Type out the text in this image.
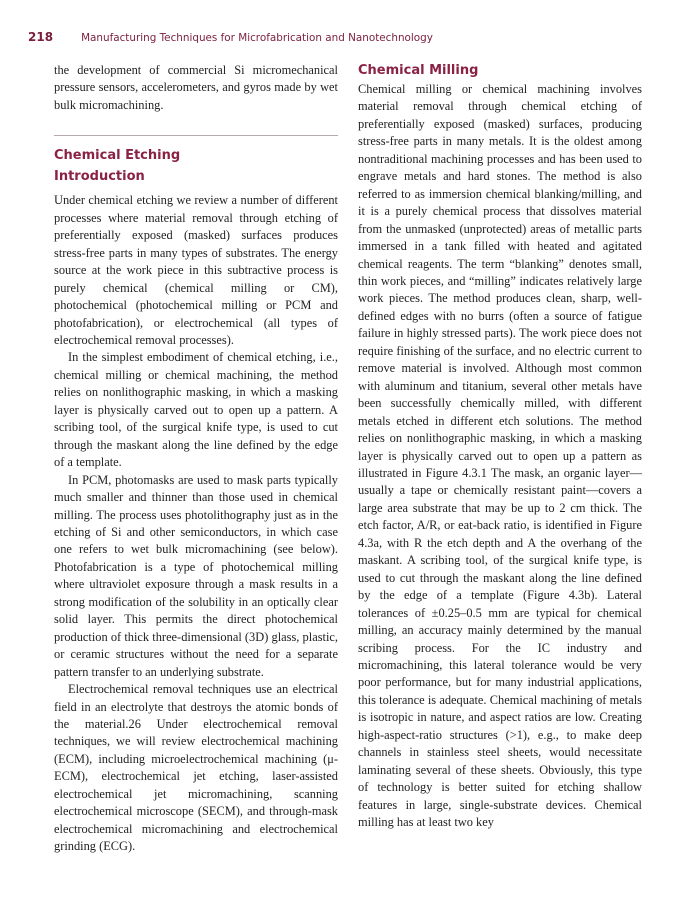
218	Manufacturing Techniques for Microfabrication and Nanotechnology

the development of commercial Si micromechanical pressure sensors, accelerometers, and gyros made by wet bulk micromachining.

Chemical Etching
Introduction

Under chemical etching we review a number of different processes where material removal through etching of preferentially exposed (masked) surfaces produces stress-free parts in many types of substrates. The energy source at the work piece in this subtractive process is purely chemical (chemical milling or CM), photochemical (photochemical milling or PCM and photofabrication), or electrochemical (all types of electrochemical removal processes).

In the simplest embodiment of chemical etching, i.e., chemical milling or chemical machining, the method relies on nonlithographic masking, in which a masking layer is physically carved out to open up a pattern. A scribing tool, of the surgical knife type, is used to cut through the maskant along the line defined by the edge of a template.

In PCM, photomasks are used to mask parts typically much smaller and thinner than those used in chemical milling. The process uses photolithography just as in the etching of Si and other semiconductors, in which case one refers to wet bulk micromachining (see below). Photofabrication is a type of photochemical milling where ultraviolet exposure through a mask results in a strong modification of the solubility in an optically clear solid layer. This permits the direct photochemical production of thick three-dimensional (3D) glass, plastic, or ceramic structures without the need for a separate pattern transfer to an underlying substrate.

Electrochemical removal techniques use an electrical field in an electrolyte that destroys the atomic bonds of the material.26 Under electrochemical removal techniques, we will review electrochemical machining (ECM), including microelectrochemical machining (μ-ECM), electrochemical jet etching, laser-assisted electrochemical jet micromachining, scanning electrochemical microscope (SECM), and through-mask electrochemical micromachining and electrochemical grinding (ECG).

Chemical Milling

Chemical milling or chemical machining involves material removal through chemical etching of preferentially exposed (masked) surfaces, producing stress-free parts in many metals. It is the oldest among nontraditional machining processes and has been used to engrave metals and hard stones. The method is also referred to as immersion chemical blanking/milling, and it is a purely chemical process that dissolves material from the unmasked (unprotected) areas of metallic parts immersed in a tank filled with heated and agitated chemical reagents. The term “blanking” denotes small, thin work pieces, and “milling” indicates relatively large work pieces. The method produces clean, sharp, well-defined edges with no burrs (often a source of fatigue failure in highly stressed parts). The work piece does not require finishing of the surface, and no electric current to remove material is involved. Although most common with aluminum and titanium, several other metals have been successfully chemically milled, with different metals etched in different etch solutions. The method relies on nonlithographic masking, in which a masking layer is physically carved out to open up a pattern as illustrated in Figure 4.3.1 The mask, an organic layer—usually a tape or chemically resistant paint—covers a large area substrate that may be up to 2 cm thick. The etch factor, A/R, or eat-back ratio, is identified in Figure 4.3a, with R the etch depth and A the overhang of the maskant. A scribing tool, of the surgical knife type, is used to cut through the maskant along the line defined by the edge of a template (Figure 4.3b). Lateral tolerances of ±0.25–0.5 mm are typical for chemical milling, an accuracy mainly determined by the manual scribing process. For the IC industry and micromachining, this lateral tolerance would be very poor performance, but for many industrial applications, this tolerance is adequate. Chemical machining of metals is isotropic in nature, and aspect ratios are low. Creating high-aspect-ratio structures (>1), e.g., to make deep channels in stainless steel sheets, would necessitate laminating several of these sheets. Obviously, this type of technology is better suited for etching shallow features in large, single-substrate devices. Chemical milling has at least two key
